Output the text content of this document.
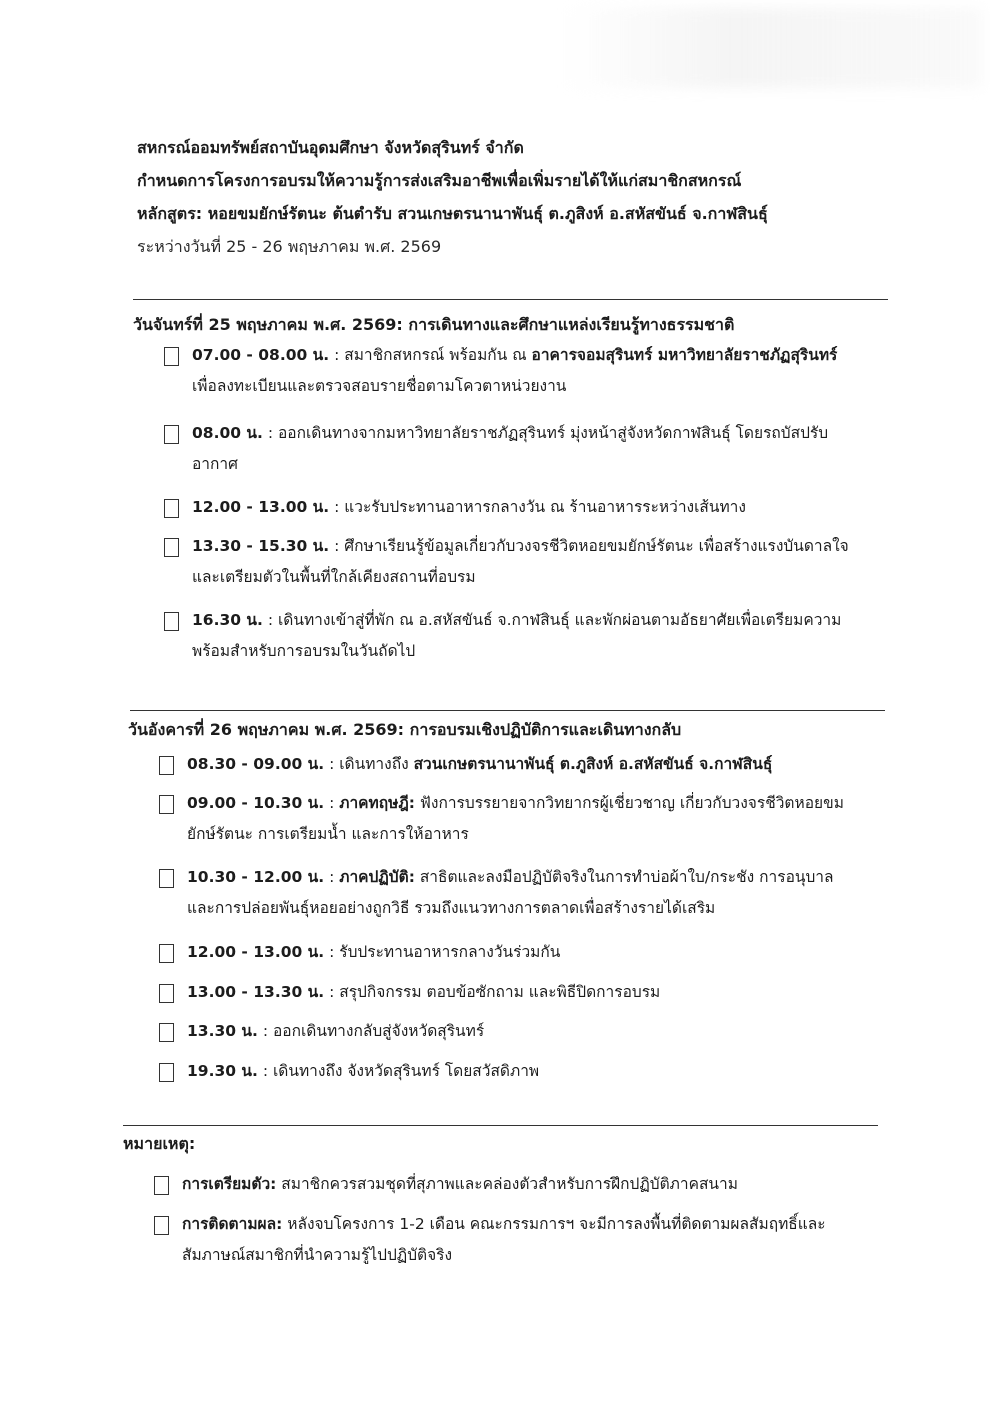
สหกรณ์ออมทรัพย์สถาบันอุดมศึกษา จังหวัดสุรินทร์ จำกัด
กำหนดการโครงการอบรมให้ความรู้การส่งเสริมอาชีพเพื่อเพิ่มรายได้ให้แก่สมาชิกสหกรณ์
หลักสูตร: หอยขมยักษ์รัตนะ ต้นตำรับ สวนเกษตรนานาพันธุ์ ต.ภูสิงห์ อ.สหัสขันธ์ จ.กาฬสินธุ์
ระหว่างวันที่ 25 - 26 พฤษภาคม พ.ศ. 2569
วันจันทร์ที่ 25 พฤษภาคม พ.ศ. 2569: การเดินทางและศึกษาแหล่งเรียนรู้ทางธรรมชาติ
07.00 - 08.00 น. : สมาชิกสหกรณ์ พร้อมกัน ณ อาคารจอมสุรินทร์ มหาวิทยาลัยราชภัฏสุรินทร์
เพื่อลงทะเบียนและตรวจสอบรายชื่อตามโควตาหน่วยงาน
08.00 น. : ออกเดินทางจากมหาวิทยาลัยราชภัฏสุรินทร์ มุ่งหน้าสู่จังหวัดกาฬสินธุ์ โดยรถบัสปรับ
อากาศ
12.00 - 13.00 น. : แวะรับประทานอาหารกลางวัน ณ ร้านอาหารระหว่างเส้นทาง
13.30 - 15.30 น. : ศึกษาเรียนรู้ข้อมูลเกี่ยวกับวงจรชีวิตหอยขมยักษ์รัตนะ เพื่อสร้างแรงบันดาลใจ
และเตรียมตัวในพื้นที่ใกล้เคียงสถานที่อบรม
16.30 น. : เดินทางเข้าสู่ที่พัก ณ อ.สหัสขันธ์ จ.กาฬสินธุ์ และพักผ่อนตามอัธยาศัยเพื่อเตรียมความ
พร้อมสำหรับการอบรมในวันถัดไป
วันอังคารที่ 26 พฤษภาคม พ.ศ. 2569: การอบรมเชิงปฏิบัติการและเดินทางกลับ
08.30 - 09.00 น. : เดินทางถึง สวนเกษตรนานาพันธุ์ ต.ภูสิงห์ อ.สหัสขันธ์ จ.กาฬสินธุ์
09.00 - 10.30 น. : ภาคทฤษฎี: ฟังการบรรยายจากวิทยากรผู้เชี่ยวชาญ เกี่ยวกับวงจรชีวิตหอยขม
ยักษ์รัตนะ การเตรียมน้ำ และการให้อาหาร
10.30 - 12.00 น. : ภาคปฏิบัติ: สาธิตและลงมือปฏิบัติจริงในการทำบ่อผ้าใบ/กระชัง การอนุบาล
และการปล่อยพันธุ์หอยอย่างถูกวิธี รวมถึงแนวทางการตลาดเพื่อสร้างรายได้เสริม
12.00 - 13.00 น. : รับประทานอาหารกลางวันร่วมกัน
13.00 - 13.30 น. : สรุปกิจกรรม ตอบข้อซักถาม และพิธีปิดการอบรม
13.30 น. : ออกเดินทางกลับสู่จังหวัดสุรินทร์
19.30 น. : เดินทางถึง จังหวัดสุรินทร์ โดยสวัสดิภาพ
หมายเหตุ:
การเตรียมตัว: สมาชิกควรสวมชุดที่สุภาพและคล่องตัวสำหรับการฝึกปฏิบัติภาคสนาม
การติดตามผล: หลังจบโครงการ 1-2 เดือน คณะกรรมการฯ จะมีการลงพื้นที่ติดตามผลสัมฤทธิ์และ
สัมภาษณ์สมาชิกที่นำความรู้ไปปฏิบัติจริง
